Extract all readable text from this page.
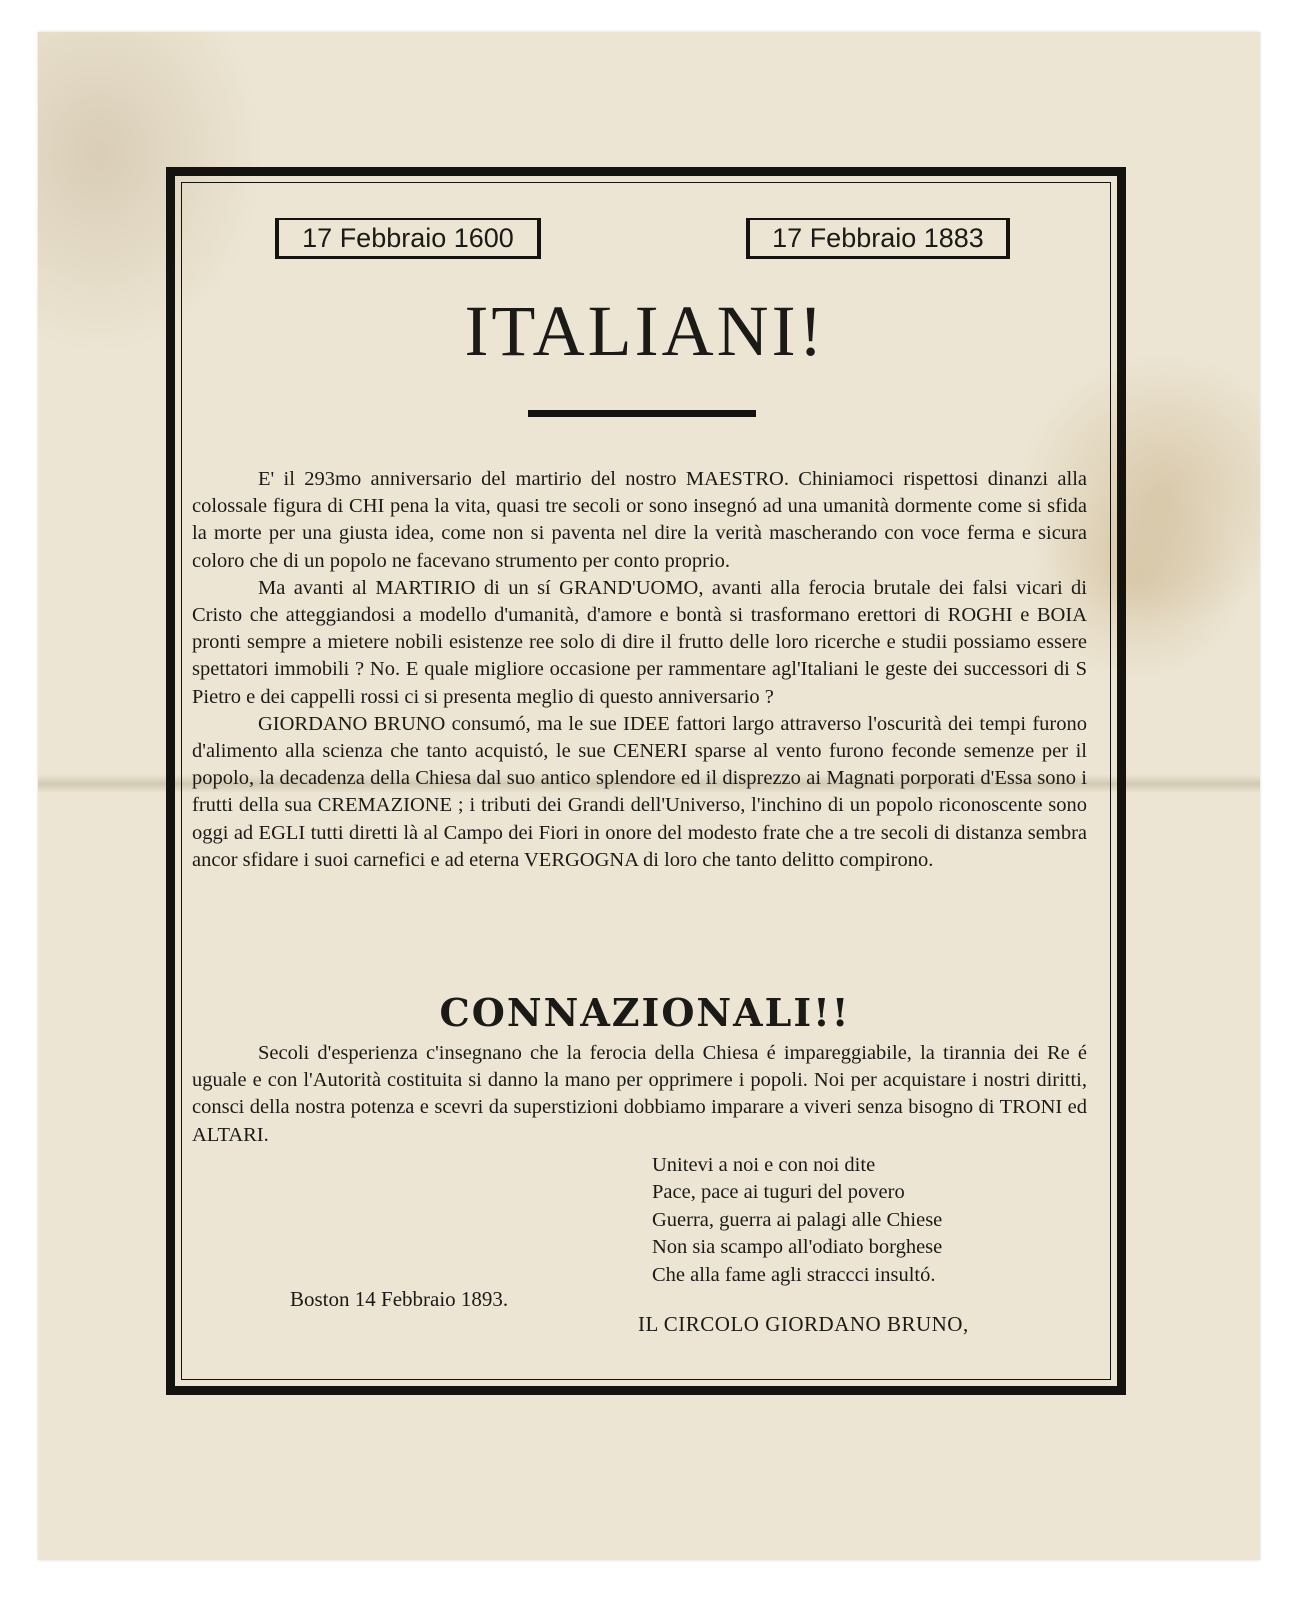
17 Febbraio 1600	17 Febbraio 1883
ITALIANI!

E' il 293mo anniversario del martirio del nostro MAESTRO. Chiniamoci rispettosi dinanzi alla colossale figura di CHI pena la vita, quasi tre secoli or sono insegnó ad una umanità dormente come si sfida la morte per una giusta idea, come non si paventa nel dire la verità mascherando con voce ferma e sicura coloro che di un popolo ne facevano strumento per conto proprio.

Ma avanti al MARTIRIO di un sí GRAND'UOMO, avanti alla ferocia brutale dei falsi vicari di Cristo che atteggiandosi a modello d'umanità, d'amore e bontà si trasformano erettori di ROGHI e BOIA pronti sempre a mietere nobili esistenze ree solo di dire il frutto delle loro ricerche e studii possiamo essere spettatori immobili ? No. E quale migliore occasione per rammentare agl'Italiani le geste dei successori di S Pietro e dei cappelli rossi ci si presenta meglio di questo anniversario ?

GIORDANO BRUNO consumó, ma le sue IDEE fattori largo attraverso l'oscurità dei tempi furono d'alimento alla scienza che tanto acquistó, le sue CENERI sparse al vento furono feconde semenze per il popolo, la decadenza della Chiesa dal suo antico splendore ed il disprezzo ai Magnati porporati d'Essa sono i frutti della sua CREMAZIONE ; i tributi dei Grandi dell'Universo, l'inchino di un popolo riconoscente sono oggi ad EGLI tutti diretti là al Campo dei Fiori in onore del modesto frate che a tre secoli di distanza sembra ancor sfidare i suoi carnefici e ad eterna VERGOGNA di loro che tanto delitto compirono.

CONNAZIONALI!!

Secoli d'esperienza c'insegnano che la ferocia della Chiesa é impareggiabile, la tirannia dei Re é uguale e con l'Autorità costituita si danno la mano per opprimere i popoli. Noi per acquistare i nostri diritti, consci della nostra potenza e scevri da superstizioni dobbiamo imparare a viveri senza bisogno di TRONI ed ALTARI.

Unitevi a noi e con noi dite
Pace, pace ai tuguri del povero
Guerra, guerra ai palagi alle Chiese
Non sia scampo all'odiato borghese
Che alla fame agli straccci insultó.
Boston 14 Febbraio 1893.
IL CIRCOLO GIORDANO BRUNO,
